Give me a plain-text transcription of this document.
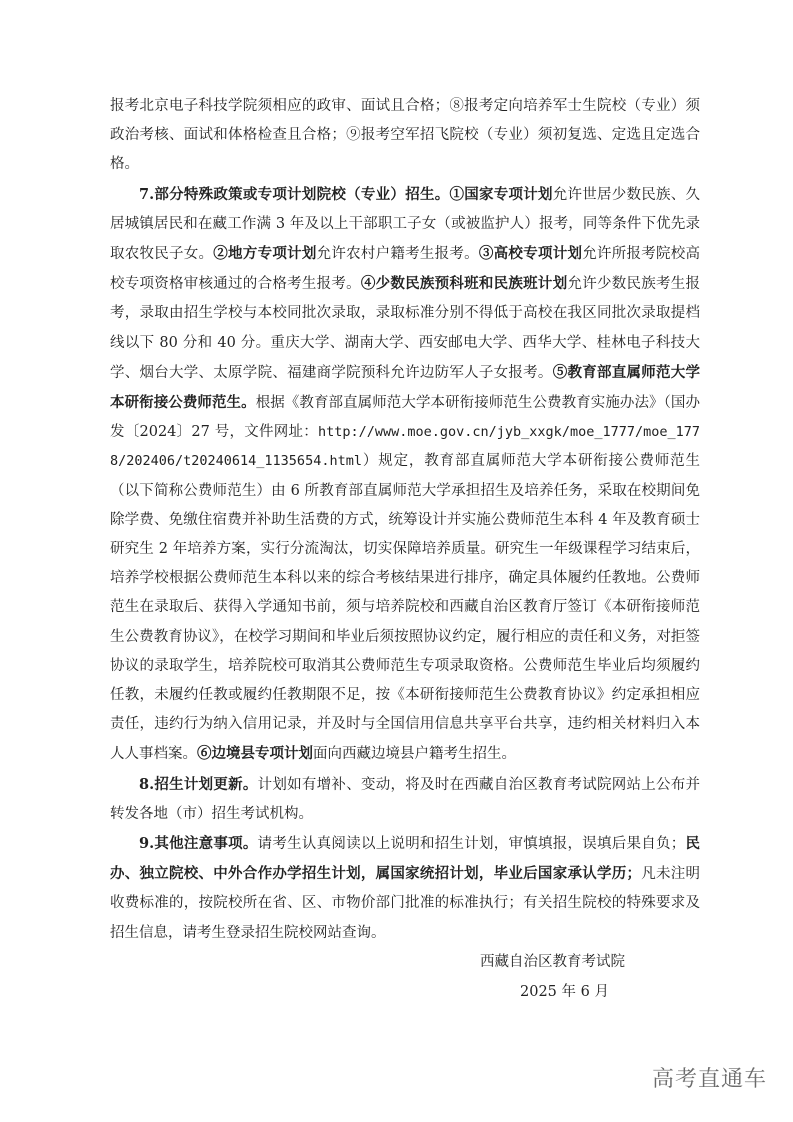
报考北京电子科技学院须相应的政审、面试且合格；⑧报考定向培养军士生院校（专业）须政治考核、面试和体格检查且合格；⑨报考空军招飞院校（专业）须初复选、定选且定选合格。

7.部分特殊政策或专项计划院校（专业）招生。①国家专项计划允许世居少数民族、久居城镇居民和在藏工作满 3 年及以上干部职工子女（或被监护人）报考，同等条件下优先录取农牧民子女。②地方专项计划允许农村户籍考生报考。③高校专项计划允许所报考院校高校专项资格审核通过的合格考生报考。④少数民族预科班和民族班计划允许少数民族考生报考，录取由招生学校与本校同批次录取，录取标准分别不得低于高校在我区同批次录取提档线以下 80 分和 40 分。重庆大学、湖南大学、西安邮电大学、西华大学、桂林电子科技大学、烟台大学、太原学院、福建商学院预科允许边防军人子女报考。⑤教育部直属师范大学本研衔接公费师范生。根据《教育部直属师范大学本研衔接师范生公费教育实施办法》（国办发〔2024〕27 号，文件网址：http://www.moe.gov.cn/jyb_xxgk/moe_1777/moe_1778/202406/t20240614_1135654.html）规定，教育部直属师范大学本研衔接公费师范生（以下简称公费师范生）由 6 所教育部直属师范大学承担招生及培养任务，采取在校期间免除学费、免缴住宿费并补助生活费的方式，统筹设计并实施公费师范生本科 4 年及教育硕士研究生 2 年培养方案，实行分流淘汰，切实保障培养质量。研究生一年级课程学习结束后，培养学校根据公费师范生本科以来的综合考核结果进行排序，确定具体履约任教地。公费师范生在录取后、获得入学通知书前，须与培养院校和西藏自治区教育厅签订《本研衔接师范生公费教育协议》，在校学习期间和毕业后须按照协议约定，履行相应的责任和义务，对拒签协议的录取学生，培养院校可取消其公费师范生专项录取资格。公费师范生毕业后均须履约任教，未履约任教或履约任教期限不足，按《本研衔接师范生公费教育协议》约定承担相应责任，违约行为纳入信用记录，并及时与全国信用信息共享平台共享，违约相关材料归入本人人事档案。⑥边境县专项计划面向西藏边境县户籍考生招生。

8.招生计划更新。计划如有增补、变动，将及时在西藏自治区教育考试院网站上公布并转发各地（市）招生考试机构。

9.其他注意事项。请考生认真阅读以上说明和招生计划，审慎填报，误填后果自负；民办、独立院校、中外合作办学招生计划，属国家统招计划，毕业后国家承认学历；凡未注明收费标准的，按院校所在省、区、市物价部门批准的标准执行；有关招生院校的特殊要求及招生信息，请考生登录招生院校网站查询。

西藏自治区教育考试院
2025 年 6 月
高考直通车
